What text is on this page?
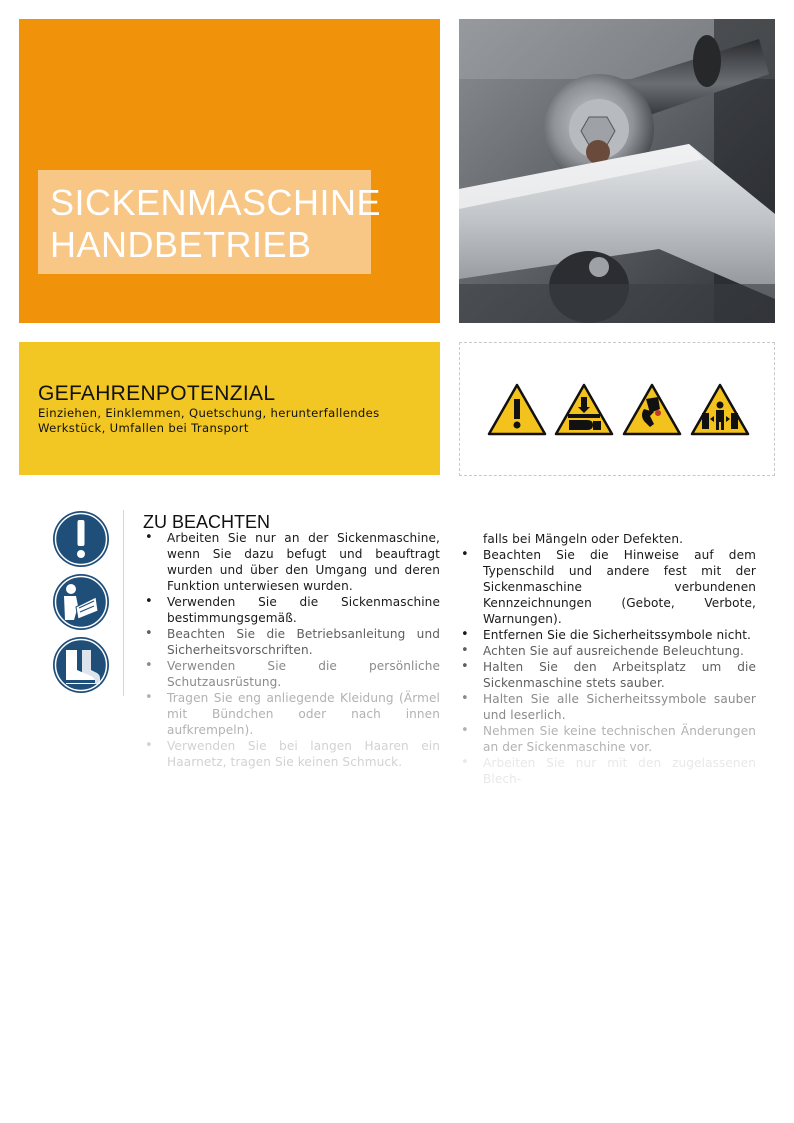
SICKENMASCHINE
HANDBETRIEB
GEFAHRENPOTENZIAL
Einziehen, Einklemmen, Quetschung, herunterfallendes Werkstück, Umfallen bei Transport
ZU BEACHTEN
• Arbeiten Sie nur an der Sickenmaschine, wenn Sie dazu befugt und beauftragt wurden und über den Umgang und deren Funktion unterwiesen wurden.
• Verwenden Sie die Sickenmaschine bestimmungsgemäß.
• Beachten Sie die Betriebsanleitung und Sicherheitsvorschriften.
• Verwenden Sie die persönliche Schutzausrüstung.
• Tragen Sie eng anliegende Kleidung (Ärmel mit Bündchen oder nach innen aufkrempeln).
• Verwenden Sie bei langen Haaren ein Haarnetz, tragen Sie keinen Schmuck.
falls bei Mängeln oder Defekten.
• Beachten Sie die Hinweise auf dem Typenschild und andere fest mit der Sickenmaschine verbundenen Kennzeichnungen (Gebote, Verbote, Warnungen).
• Entfernen Sie die Sicherheitssymbole nicht.
• Achten Sie auf ausreichende Beleuchtung.
• Halten Sie den Arbeitsplatz um die Sickenmaschine stets sauber.
• Halten Sie alle Sicherheitssymbole sauber und leserlich.
• Nehmen Sie keine technischen Änderungen an der Sickenmaschine vor.
• Arbeiten Sie nur mit den zugelassenen Blech-
